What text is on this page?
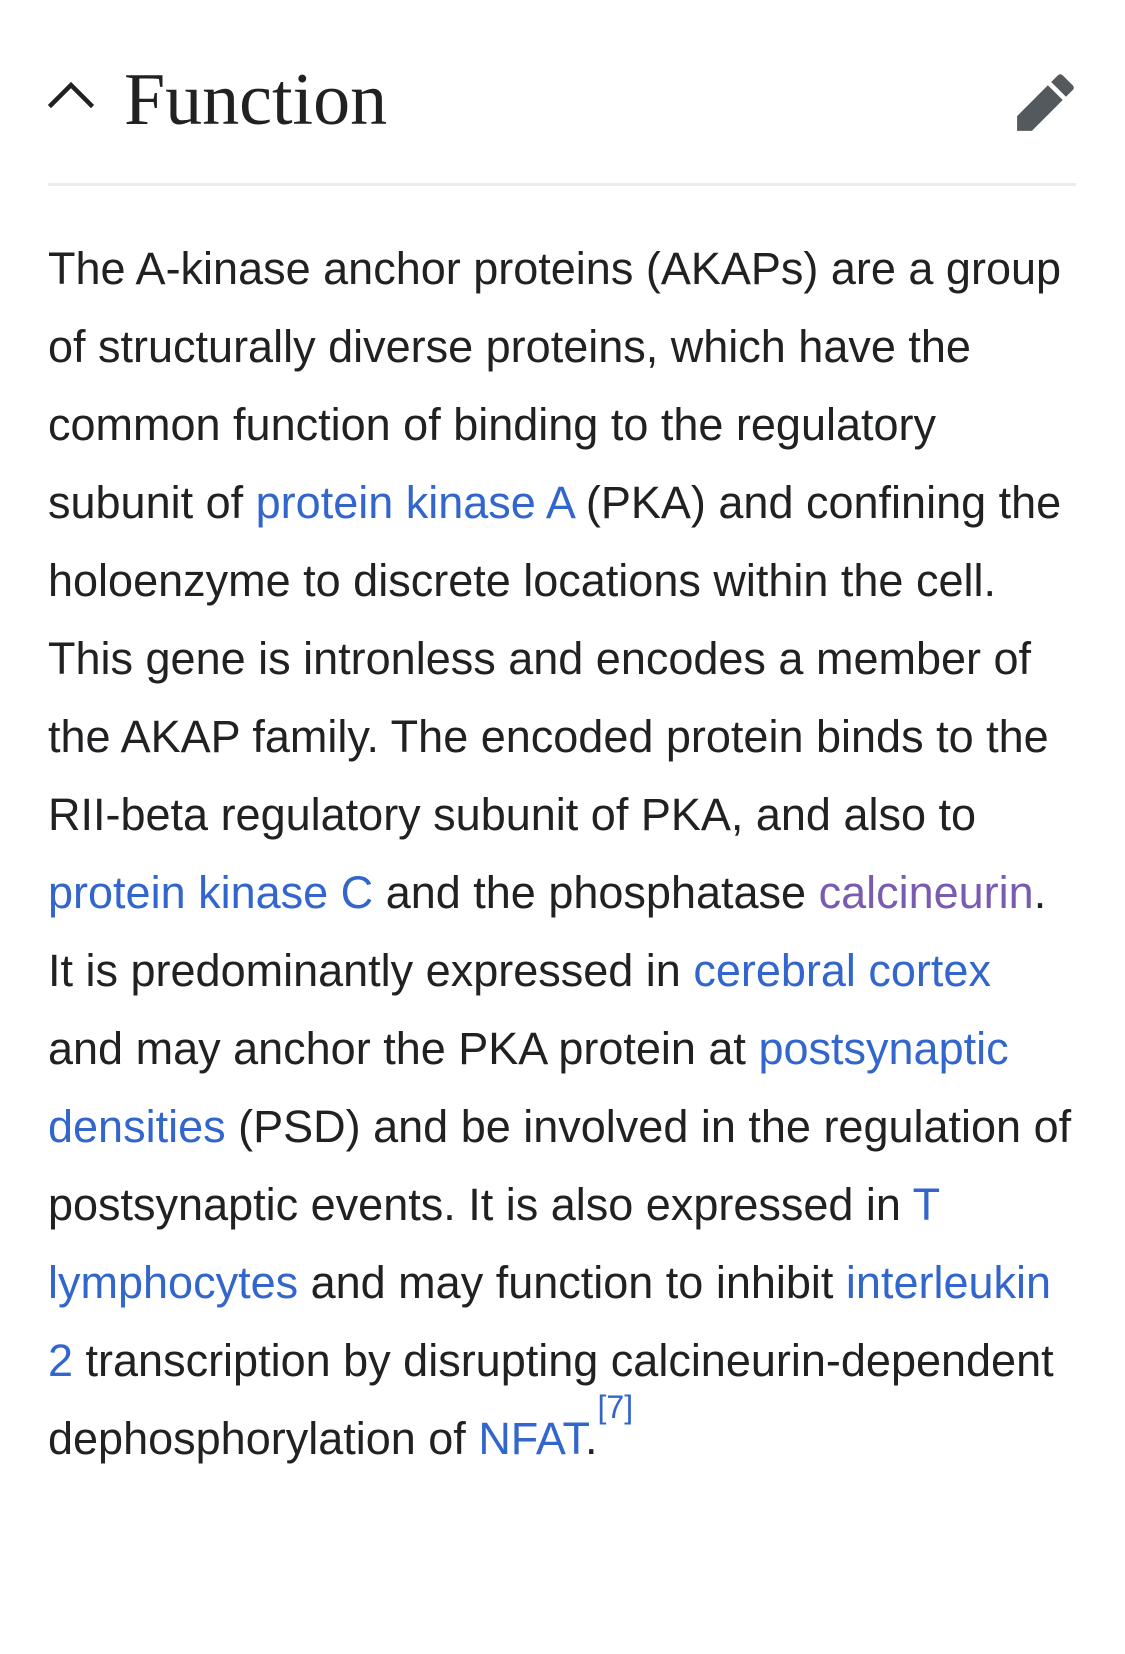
Function

The A-kinase anchor proteins (AKAPs) are a group of structurally diverse proteins, which have the common function of binding to the regulatory subunit of protein kinase A (PKA) and confining the holoenzyme to discrete locations within the cell. This gene is intronless and encodes a member of the AKAP family. The encoded protein binds to the RII-beta regulatory subunit of PKA, and also to protein kinase C and the phosphatase calcineurin. It is predominantly expressed in cerebral cortex and may anchor the PKA protein at postsynaptic densities (PSD) and be involved in the regulation of postsynaptic events. It is also expressed in T lymphocytes and may function to inhibit interleukin 2 transcription by disrupting calcineurin-dependent dephosphorylation of NFAT.[7]
